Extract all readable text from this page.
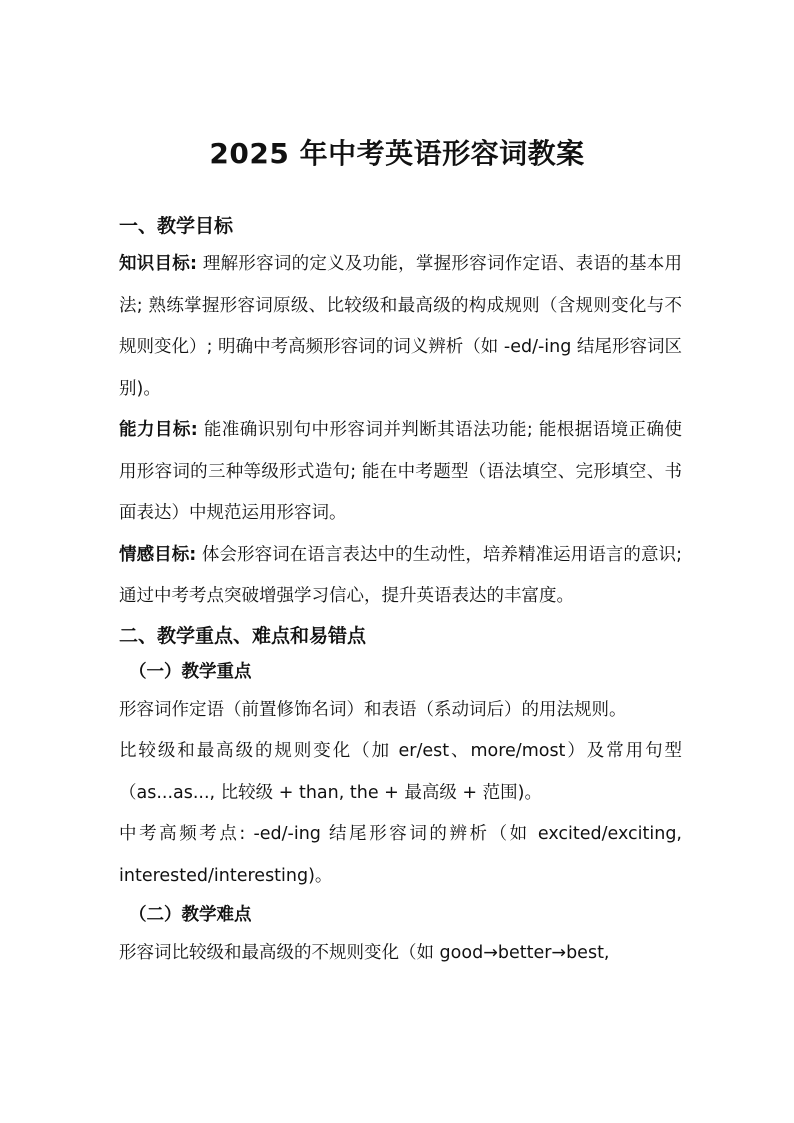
2025 年中考英语形容词教案

一、教学目标

知识目标: 理解形容词的定义及功能，掌握形容词作定语、表语的基本用法; 熟练掌握形容词原级、比较级和最高级的构成规则（含规则变化与不规则变化）; 明确中考高频形容词的词义辨析（如 -ed/-ing 结尾形容词区别)。

能力目标: 能准确识别句中形容词并判断其语法功能; 能根据语境正确使用形容词的三种等级形式造句; 能在中考题型（语法填空、完形填空、书面表达）中规范运用形容词。

情感目标: 体会形容词在语言表达中的生动性，培养精准运用语言的意识; 通过中考考点突破增强学习信心，提升英语表达的丰富度。

二、教学重点、难点和易错点

（一）教学重点

形容词作定语（前置修饰名词）和表语（系动词后）的用法规则。

比较级和最高级的规则变化（加 er/est、more/most）及常用句型（as...as..., 比较级 + than, the + 最高级 + 范围)。

中考高频考点: -ed/-ing 结尾形容词的辨析（如 excited/exciting, interested/interesting)。

（二）教学难点

形容词比较级和最高级的不规则变化（如 good→better→best,
